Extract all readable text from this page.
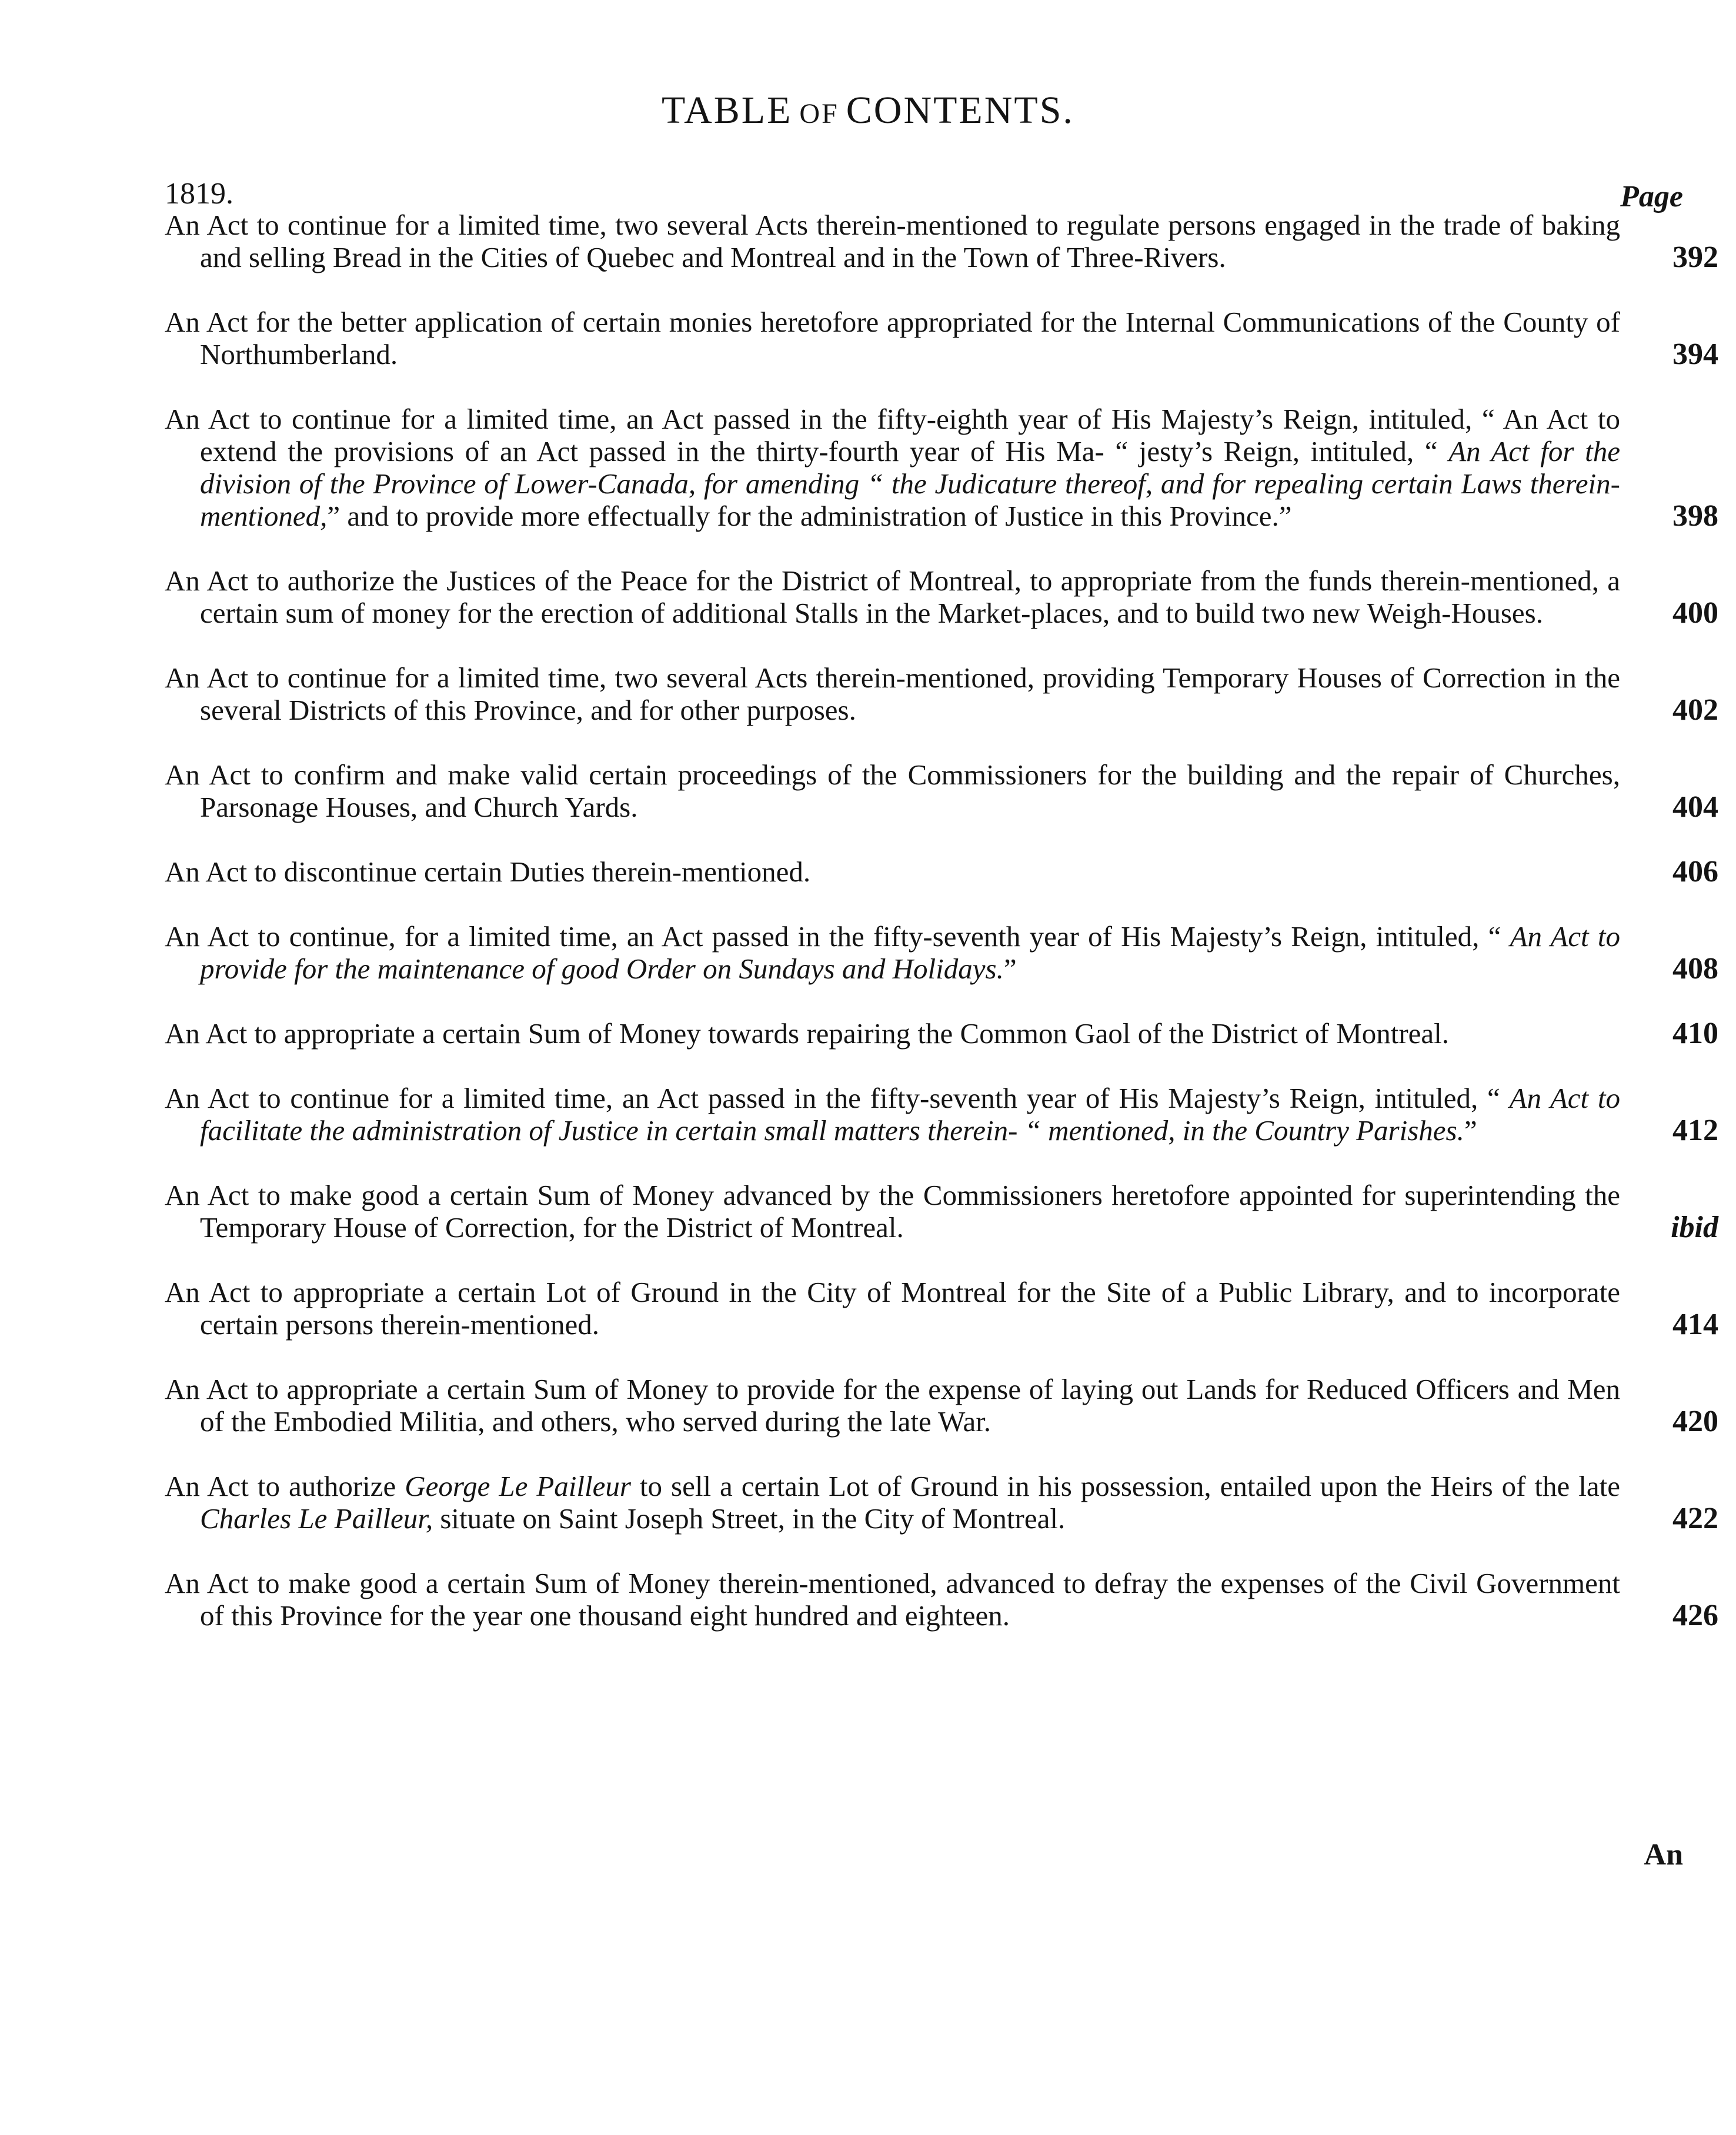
TABLE OF CONTENTS.
1819.	Page
An Act to continue for a limited time, two several Acts therein-mentioned to regulate persons engaged in the trade of baking and selling Bread in the Cities of Quebec and Montreal and in the Town of Three-Rivers.	392
An Act for the better application of certain monies heretofore appropriated for the Internal Communications of the County of Northumberland.	394
An Act to continue for a limited time, an Act passed in the fifty-eighth year of His Majesty’s Reign, intituled, “ An Act to extend the provisions of an Act passed in the thirty-fourth year of His Ma- “ jesty’s Reign, intituled, “ An Act for the division of the Province of Lower-Canada, for amending “ the Judicature thereof, and for repealing certain Laws therein-mentioned,” and to provide more effectually for the administration of Justice in this Province.”	398
An Act to authorize the Justices of the Peace for the District of Montreal, to appropriate from the funds therein-mentioned, a certain sum of money for the erection of additional Stalls in the Market-places, and to build two new Weigh-Houses.	400
An Act to continue for a limited time, two several Acts therein-mentioned, providing Temporary Houses of Correction in the several Districts of this Province, and for other purposes.	402
An Act to confirm and make valid certain proceedings of the Commissioners for the building and the repair of Churches, Parsonage Houses, and Church Yards.	404
An Act to discontinue certain Duties therein-mentioned.	406
An Act to continue, for a limited time, an Act passed in the fifty-seventh year of His Majesty’s Reign, intituled, “ An Act to provide for the maintenance of good Order on Sundays and Holidays.”	408
An Act to appropriate a certain Sum of Money towards repairing the Common Gaol of the District of Montreal.	410
An Act to continue for a limited time, an Act passed in the fifty-seventh year of His Majesty’s Reign, intituled, “ An Act to facilitate the administration of Justice in certain small matters therein- “ mentioned, in the Country Parishes.”	412
An Act to make good a certain Sum of Money advanced by the Commissioners heretofore appointed for superintending the Temporary House of Correction, for the District of Montreal.	ibid
An Act to appropriate a certain Lot of Ground in the City of Montreal for the Site of a Public Library, and to incorporate certain persons therein-mentioned.	414
An Act to appropriate a certain Sum of Money to provide for the expense of laying out Lands for Reduced Officers and Men of the Embodied Militia, and others, who served during the late War.	420
An Act to authorize George Le Pailleur to sell a certain Lot of Ground in his possession, entailed upon the Heirs of the late Charles Le Pailleur, situate on Saint Joseph Street, in the City of Montreal.	422
An Act to make good a certain Sum of Money therein-mentioned, advanced to defray the expenses of the Civil Government of this Province for the year one thousand eight hundred and eighteen.	426
An
